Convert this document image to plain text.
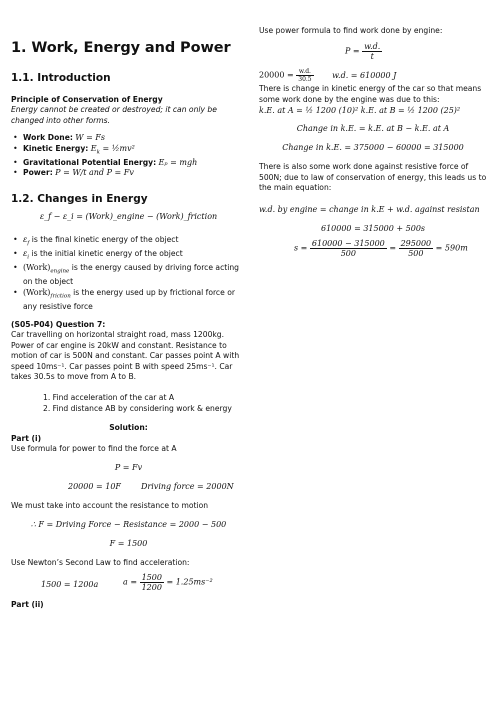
1. Work, Energy and Power
1.1. Introduction
Principle of Conservation of Energy
Energy cannot be created or destroyed; it can only be changed into other forms.
• Work Done: W = Fs
• Kinetic Energy: $E_k$ = ½mv²
• Gravitational Potential Energy: Eₚ = mgh
• Power: P = W/t and P = Fv
1.2. Changes in Energy
ε_f − ε_i = (Work)_engine − (Work)_friction
• $\varepsilon_f$ is the final kinetic energy of the object
• $\varepsilon_i$ is the initial kinetic energy of the object
• $(Work)_{engine}$ is the energy caused by driving force acting on the object
• $(Work)_{friction}$ is the energy used up by frictional force or any resistive force
(S05-P04) Question 7:
Car travelling on horizontal straight road, mass 1200kg. Power of car engine is 20kW and constant. Resistance to motion of car is 500N and constant. Car passes point A with speed 10ms⁻¹. Car passes point B with speed 25ms⁻¹. Car takes 30.5s to move from A to B.
1. Find acceleration of the car at A
2. Find distance AB by considering work & energy
Solution:
Part (i)
Use formula for power to find the force at A
P = Fv
20000 = 10F	Driving force = 2000N
We must take into account the resistance to motion
∴ F = Driving Force − Resistance = 2000 − 500
F = 1500
Use Newton’s Second Law to find acceleration:
1500 = 1200a	$a = \frac{1500}{1200} = 1.25ms^{-2}$
Part (ii)
Use power formula to find work done by engine:
$P = \frac{w.d.}{t}$
$20000 = \frac{w.d.}{30.5} w.d$. = 610000 J
There is change in kinetic energy of the car so that means some work done by the engine was due to this:
k.E. at A = ½ 1200 (10)² k.E. at B = ½ 1200 (25)²
Change in k.E. = k.E. at B − k.E. at A
Change in k.E. = 375000 − 60000 = 315000
There is also some work done against resistive force of 500N; due to law of conservation of energy, this leads us to the main equation:
w.d. by engine = change in k.E + w.d. against resistan
610000 = 315000 + 500s
$s = \frac{610000 - 315000}{500} = \frac{295000}{500} = 590m$
